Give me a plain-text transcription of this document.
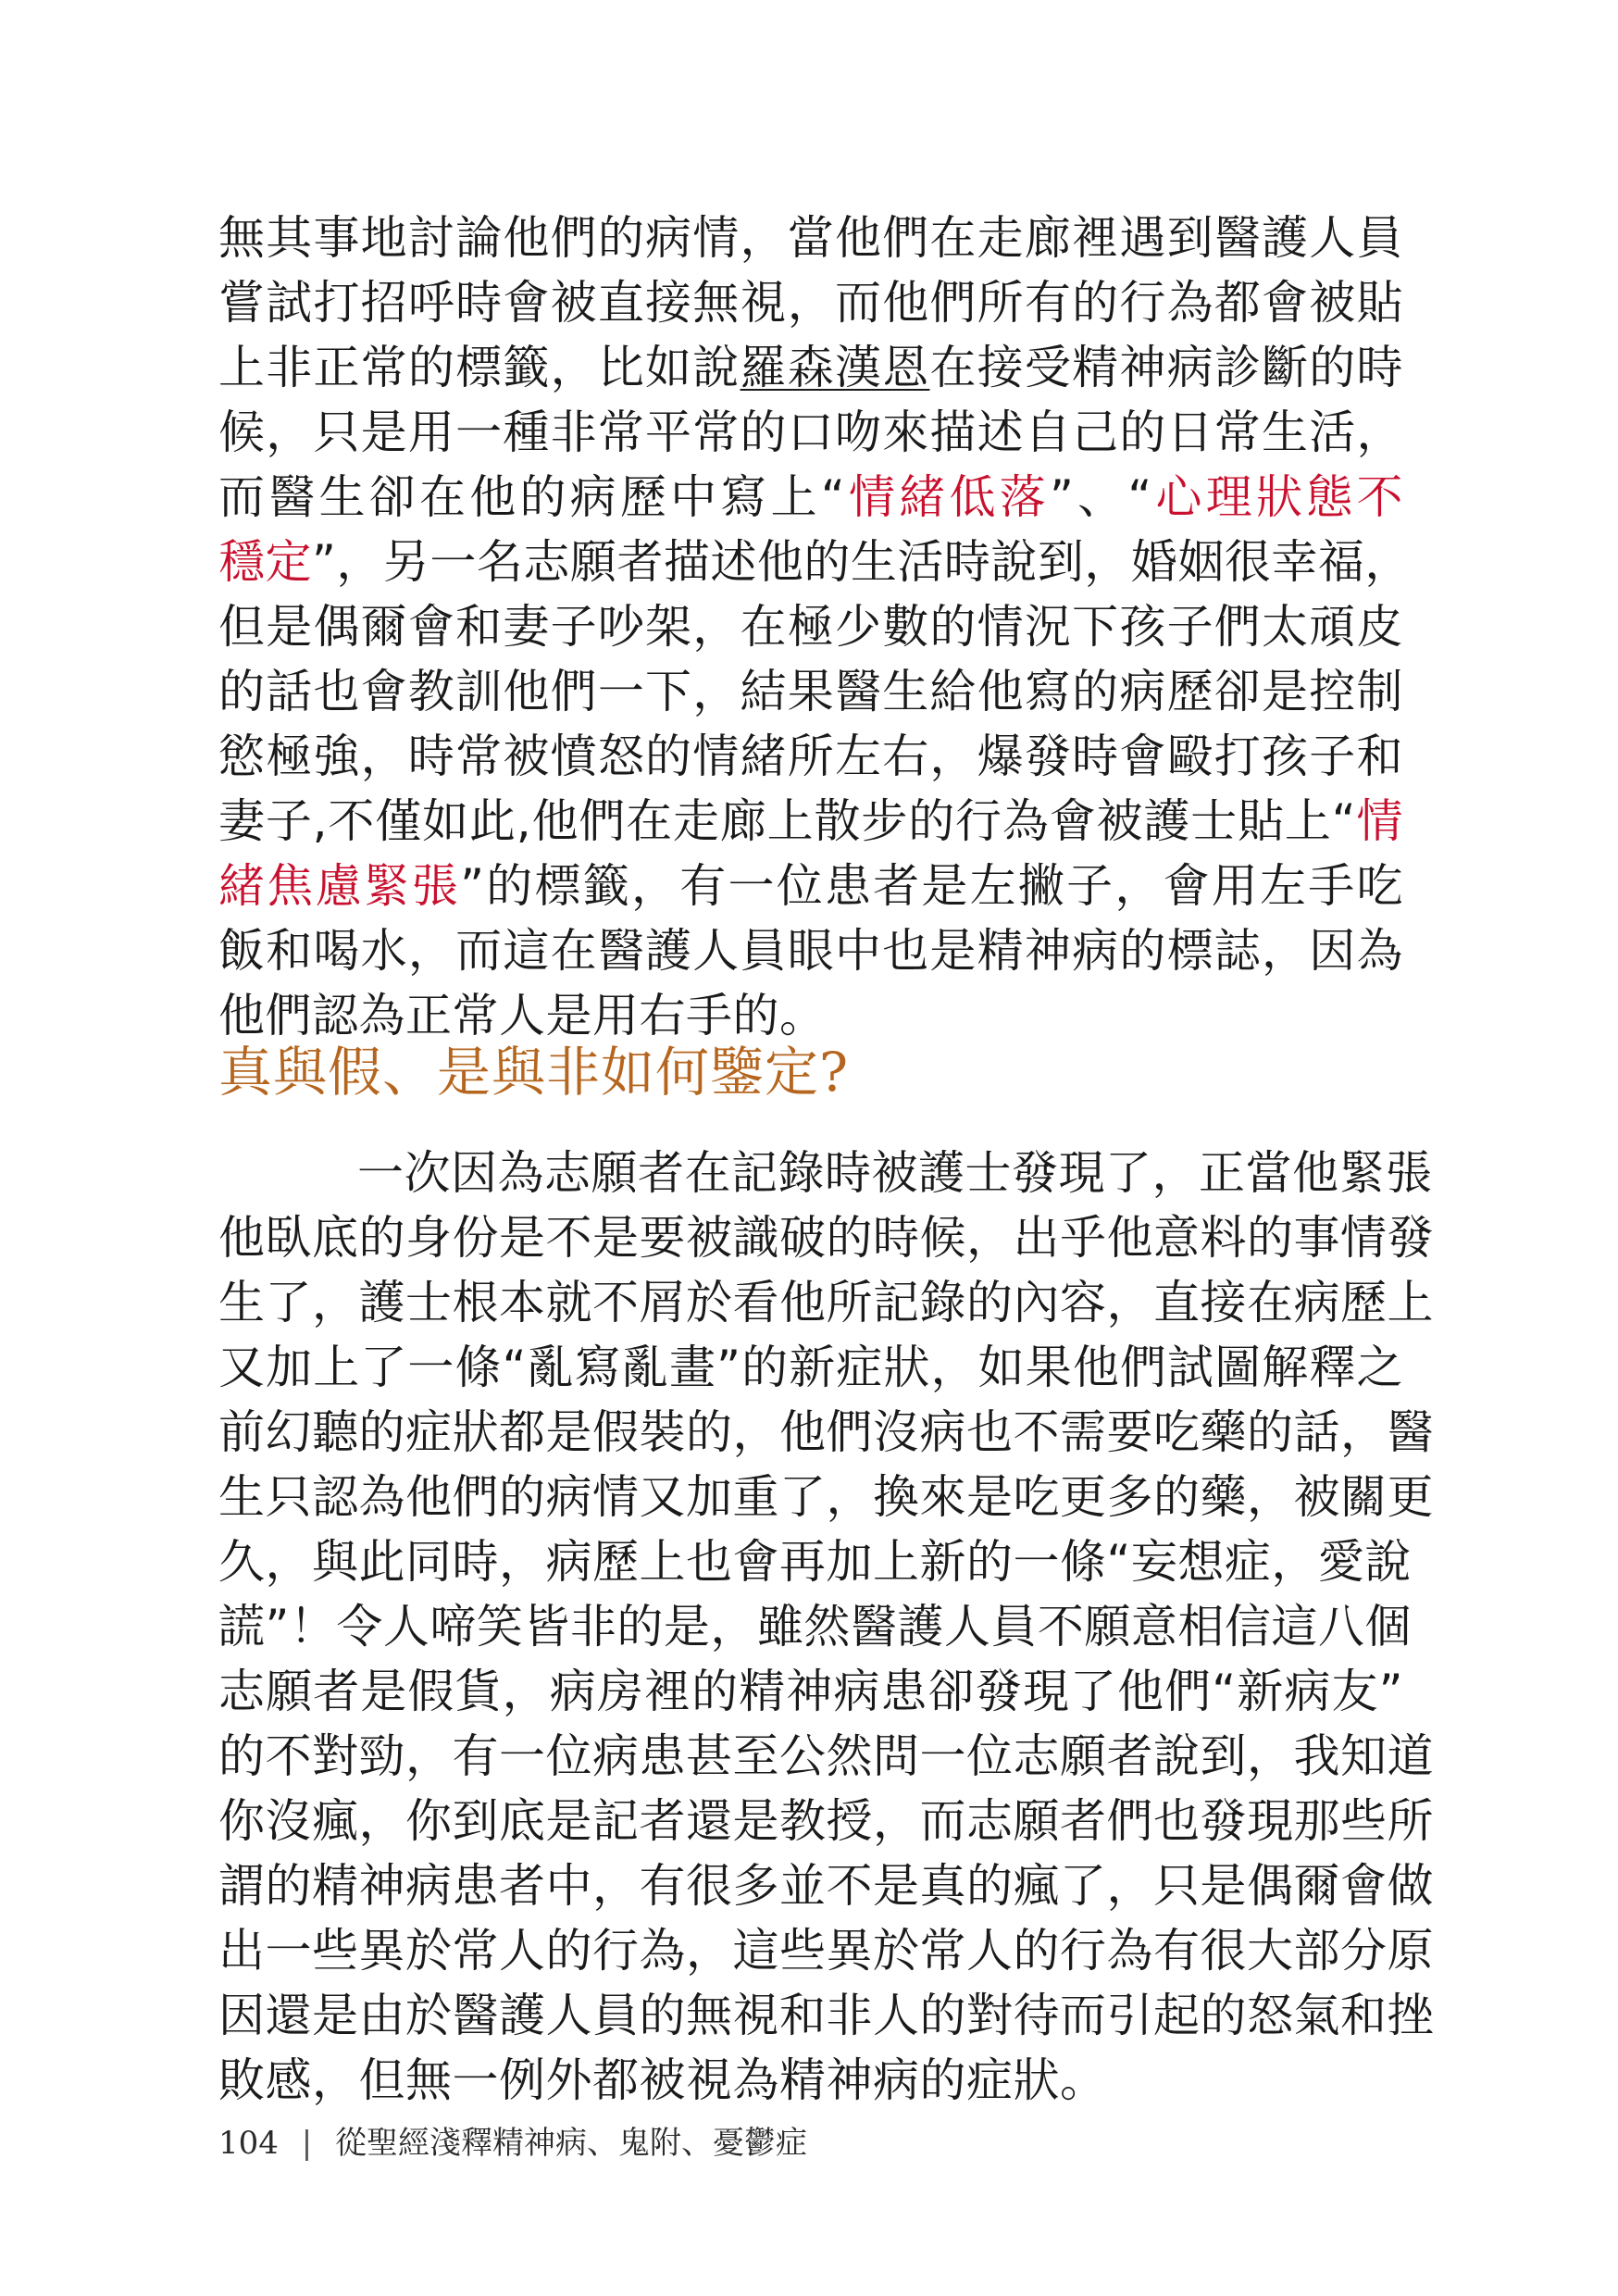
無其事地討論他們的病情，當他們在走廊裡遇到醫護人員
嘗試打招呼時會被直接無視，而他們所有的行為都會被貼
上非正常的標籤，比如說羅森漢恩在接受精神病診斷的時
候，只是用一種非常平常的口吻來描述自己的日常生活，
而醫生卻在他的病歷中寫上“情緒低落”、“心理狀態不
穩定”，另一名志願者描述他的生活時說到，婚姻很幸福，
但是偶爾會和妻子吵架，在極少數的情況下孩子們太頑皮
的話也會教訓他們一下，結果醫生給他寫的病歷卻是控制
慾極強，時常被憤怒的情緒所左右，爆發時會毆打孩子和
妻子,不僅如此,他們在走廊上散步的行為會被護士貼上“情
緒焦慮緊張”的標籤，有一位患者是左撇子，會用左手吃
飯和喝水，而這在醫護人員眼中也是精神病的標誌，因為
他們認為正常人是用右手的。
真與假、是與非如何鑒定?
一次因為志願者在記錄時被護士發現了，正當他緊張
他臥底的身份是不是要被識破的時候，出乎他意料的事情發
生了，護士根本就不屑於看他所記錄的內容，直接在病歷上
又加上了一條“亂寫亂畫”的新症狀，如果他們試圖解釋之
前幻聽的症狀都是假裝的，他們沒病也不需要吃藥的話，醫
生只認為他們的病情又加重了，換來是吃更多的藥，被關更
久，與此同時，病歷上也會再加上新的一條“妄想症，愛說
謊”！令人啼笑皆非的是，雖然醫護人員不願意相信這八個
志願者是假貨，病房裡的精神病患卻發現了他們“新病友”
的不對勁，有一位病患甚至公然問一位志願者說到，我知道
你沒瘋，你到底是記者還是教授，而志願者們也發現那些所
謂的精神病患者中，有很多並不是真的瘋了，只是偶爾會做
出一些異於常人的行為，這些異於常人的行為有很大部分原
因還是由於醫護人員的無視和非人的對待而引起的怒氣和挫
敗感，但無一例外都被視為精神病的症狀。
104 | 從聖經淺釋精神病、鬼附、憂鬱症
